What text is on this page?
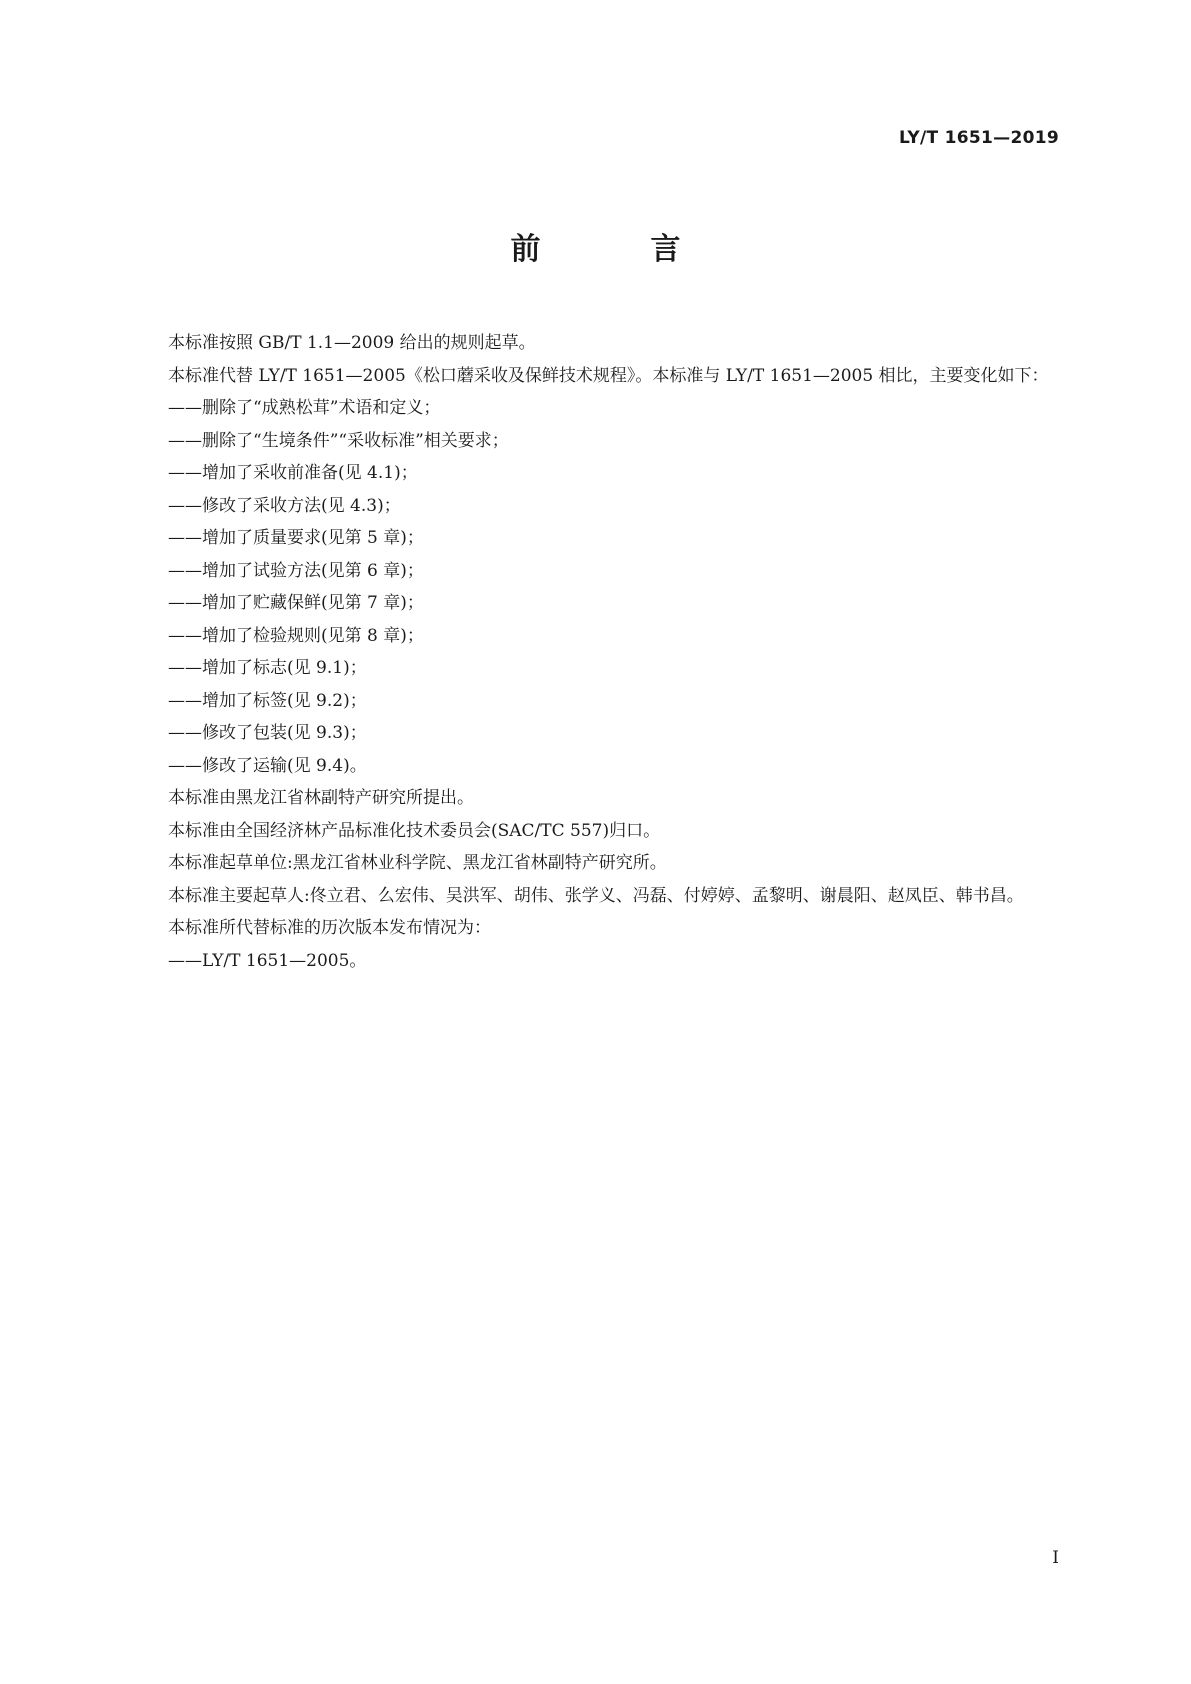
LY/T 1651—2019
前　言

本标准按照 GB/T 1.1—2009 给出的规则起草。

本标准代替 LY/T 1651—2005《松口蘑采收及保鲜技术规程》。本标准与 LY/T 1651—2005 相比，主要变化如下：

——删除了“成熟松茸”术语和定义；
——删除了“生境条件”“采收标准”相关要求；
——增加了采收前准备(见 4.1)；
——修改了采收方法(见 4.3)；
——增加了质量要求(见第 5 章)；
——增加了试验方法(见第 6 章)；
——增加了贮藏保鲜(见第 7 章)；
——增加了检验规则(见第 8 章)；
——增加了标志(见 9.1)；
——增加了标签(见 9.2)；
——修改了包装(见 9.3)；
——修改了运输(见 9.4)。

本标准由黑龙江省林副特产研究所提出。

本标准由全国经济林产品标准化技术委员会(SAC/TC 557)归口。

本标准起草单位:黑龙江省林业科学院、黑龙江省林副特产研究所。

本标准主要起草人:佟立君、么宏伟、吴洪军、胡伟、张学义、冯磊、付婷婷、孟黎明、谢晨阳、赵凤臣、韩书昌。

本标准所代替标准的历次版本发布情况为：

——LY/T 1651—2005。
I
